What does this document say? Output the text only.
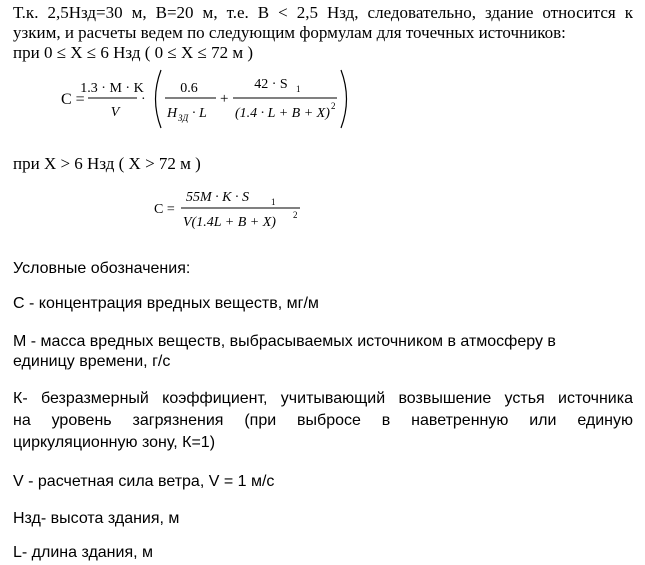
Т.к. 2,5Hзд=30 м, B=20 м, т.е. B < 2,5 Нзд, следовательно, здание относится к
узким, и расчеты ведем по следующим формулам для точечных источников:
при 0 ≤ X ≤ 6 Нзд ( 0 ≤ X ≤ 72 м )
C =
1.3 · M · K
V
·
0.6
H ЗД · L
+
42 · S 1
(1.4 · L + B + X) 2
при X > 6 Нзд ( X > 72 м )
C =
55M · K · S 1
V(1.4L + B + X) 2
Условные обозначения:
С - концентрация вредных веществ, мг/м
М - масса вредных веществ, выбрасываемых источником в атмосферу в
единицу времени, г/с
К- безразмерный коэффициент, учитывающий возвышение устья источника
на уровень загрязнения (при выбросе в наветренную или единую
циркуляционную зону, К=1)
V - расчетная сила ветра, V = 1 м/с
Нзд- высота здания, м
L- длина здания, м
